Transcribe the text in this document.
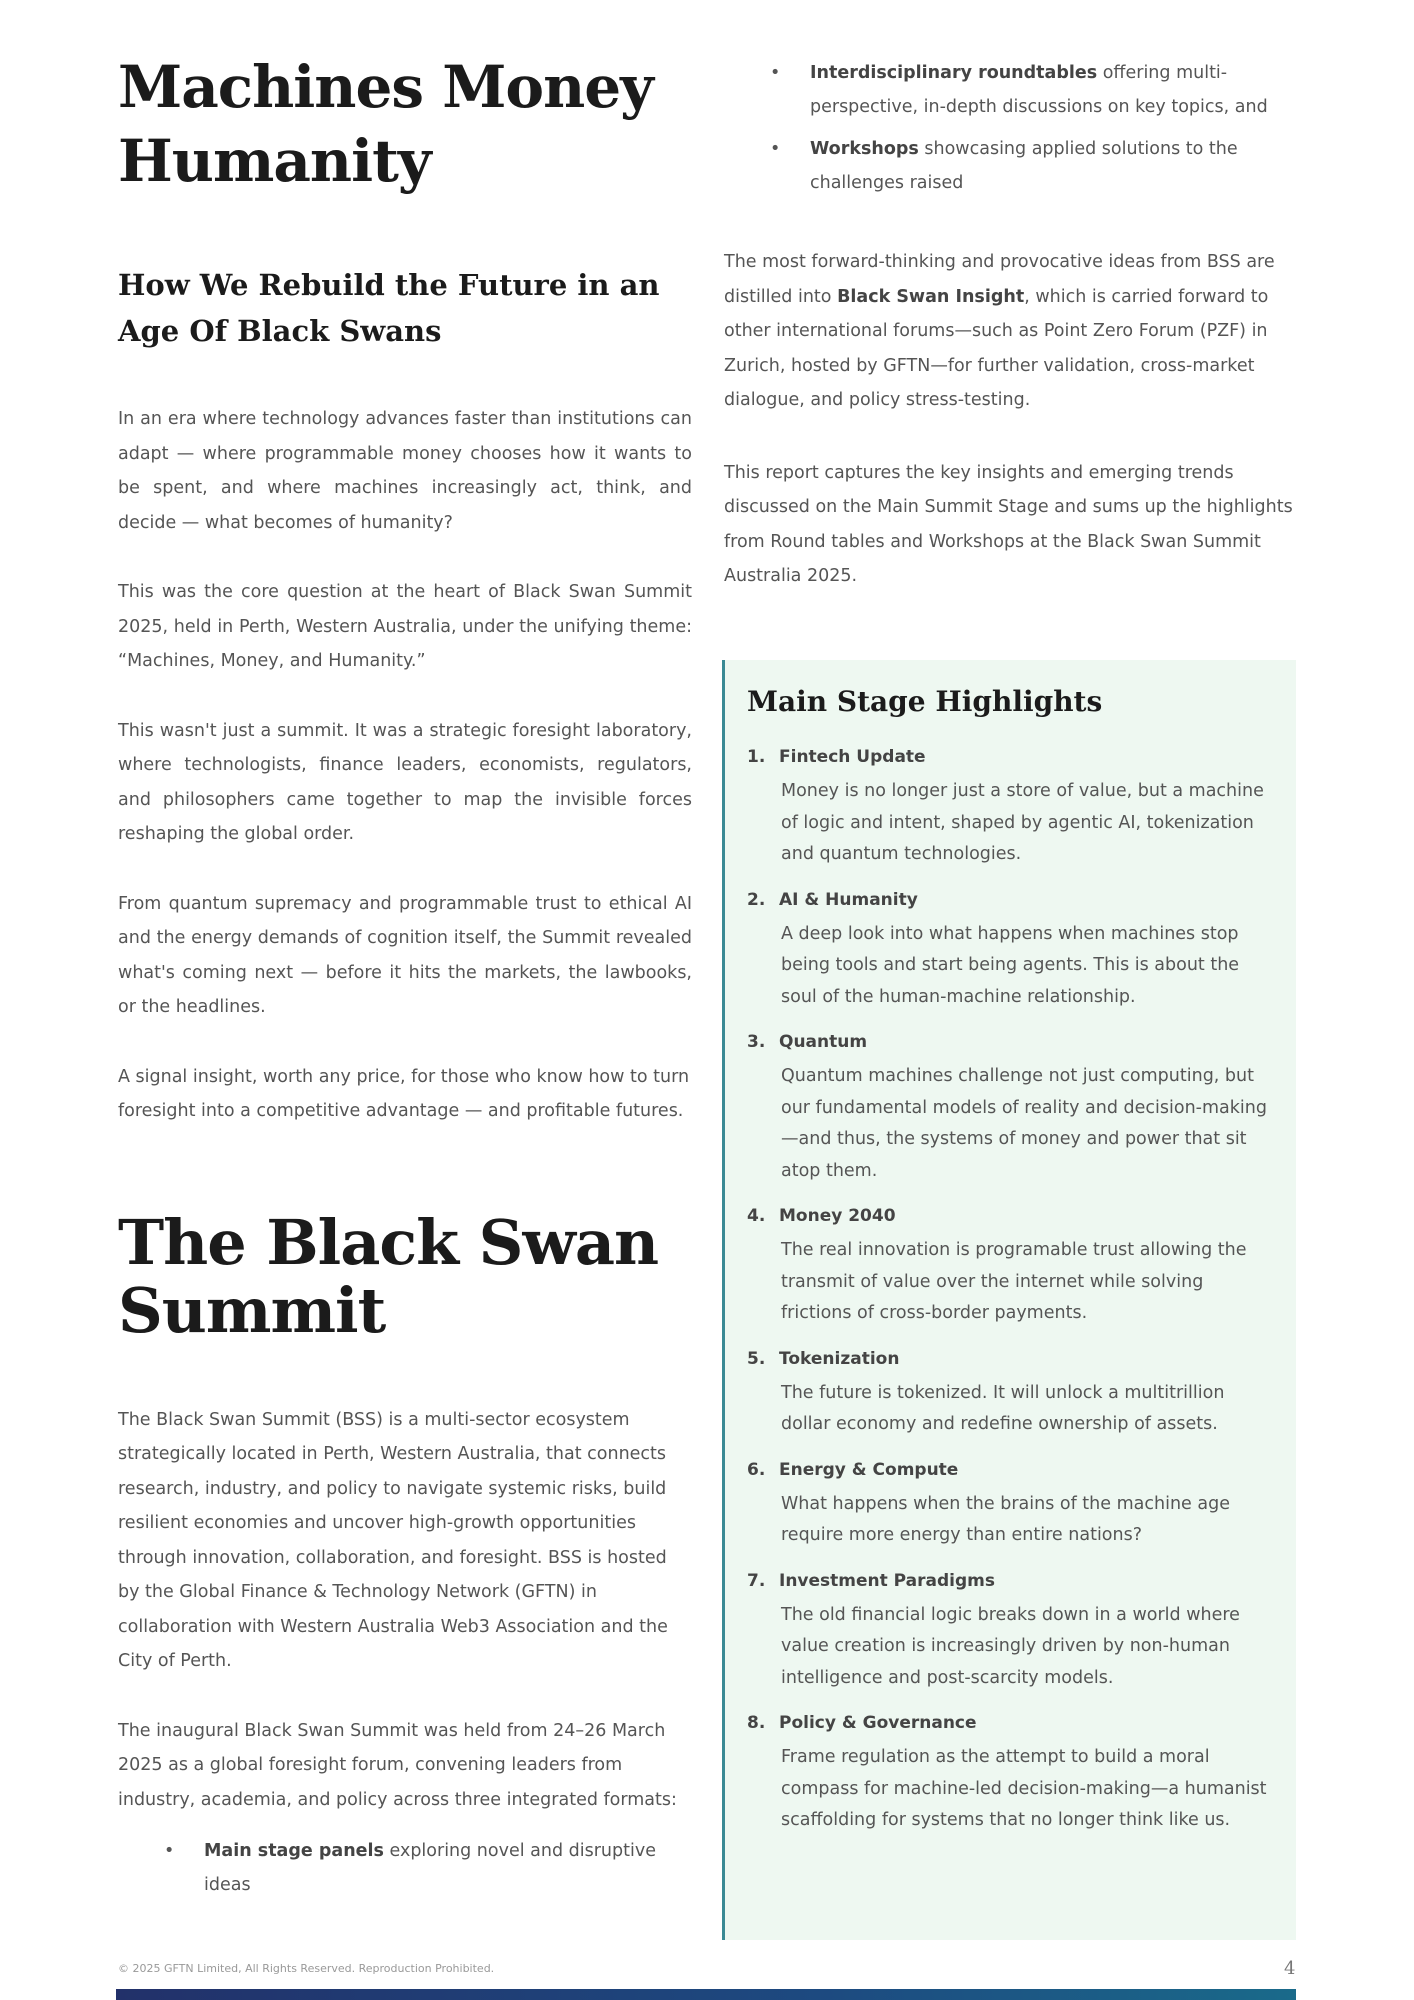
Machines Money Humanity
How We Rebuild the Future in an Age Of Black Swans

In an era where technology advances faster than institutions can adapt — where programmable money chooses how it wants to be spent, and where machines increasingly act, think, and decide — what becomes of humanity?

This was the core question at the heart of Black Swan Summit 2025, held in Perth, Western Australia, under the unifying theme: “Machines, Money, and Humanity.”

This wasn't just a summit. It was a strategic foresight laboratory, where technologists, finance leaders, economists, regulators, and philosophers came together to map the invisible forces reshaping the global order.

From quantum supremacy and programmable trust to ethical AI and the energy demands of cognition itself, the Summit revealed what's coming next — before it hits the markets, the lawbooks, or the headlines.

A signal insight, worth any price, for those who know how to turn foresight into a competitive advantage — and profitable futures.

The Black Swan Summit

The Black Swan Summit (BSS) is a multi-sector ecosystem strategically located in Perth, Western Australia, that connects research, industry, and policy to navigate systemic risks, build resilient economies and uncover high-growth opportunities through innovation, collaboration, and foresight. BSS is hosted by the Global Finance & Technology Network (GFTN) in collaboration with Western Australia Web3 Association and the City of Perth.

The inaugural Black Swan Summit was held from 24–26 March 2025 as a global foresight forum, convening leaders from industry, academia, and policy across three integrated formats:

• Main stage panels exploring novel and disruptive ideas
• Interdisciplinary roundtables offering multi-perspective, in-depth discussions on key topics, and
• Workshops showcasing applied solutions to the challenges raised

The most forward-thinking and provocative ideas from BSS are distilled into Black Swan Insight, which is carried forward to other international forums—such as Point Zero Forum (PZF) in Zurich, hosted by GFTN—for further validation, cross-market dialogue, and policy stress-testing.

This report captures the key insights and emerging trends discussed on the Main Summit Stage and sums up the highlights from Round tables and Workshops at the Black Swan Summit Australia 2025.

Main Stage Highlights
1. Fintech Update
Money is no longer just a store of value, but a machine of logic and intent, shaped by agentic AI, tokenization and quantum technologies.
2. AI & Humanity
A deep look into what happens when machines stop being tools and start being agents. This is about the soul of the human-machine relationship.
3. Quantum
Quantum machines challenge not just computing, but our fundamental models of reality and decision-making—and thus, the systems of money and power that sit atop them.
4. Money 2040
The real innovation is programable trust allowing the transmit of value over the internet while solving frictions of cross-border payments.
5. Tokenization
The future is tokenized. It will unlock a multitrillion dollar economy and redefine ownership of assets.
6. Energy & Compute
What happens when the brains of the machine age require more energy than entire nations?
7. Investment Paradigms
The old financial logic breaks down in a world where value creation is increasingly driven by non-human intelligence and post-scarcity models.
8. Policy & Governance
Frame regulation as the attempt to build a moral compass for machine-led decision-making—a humanist scaffolding for systems that no longer think like us.
© 2025 GFTN Limited, All Rights Reserved. Reproduction Prohibited.	4
